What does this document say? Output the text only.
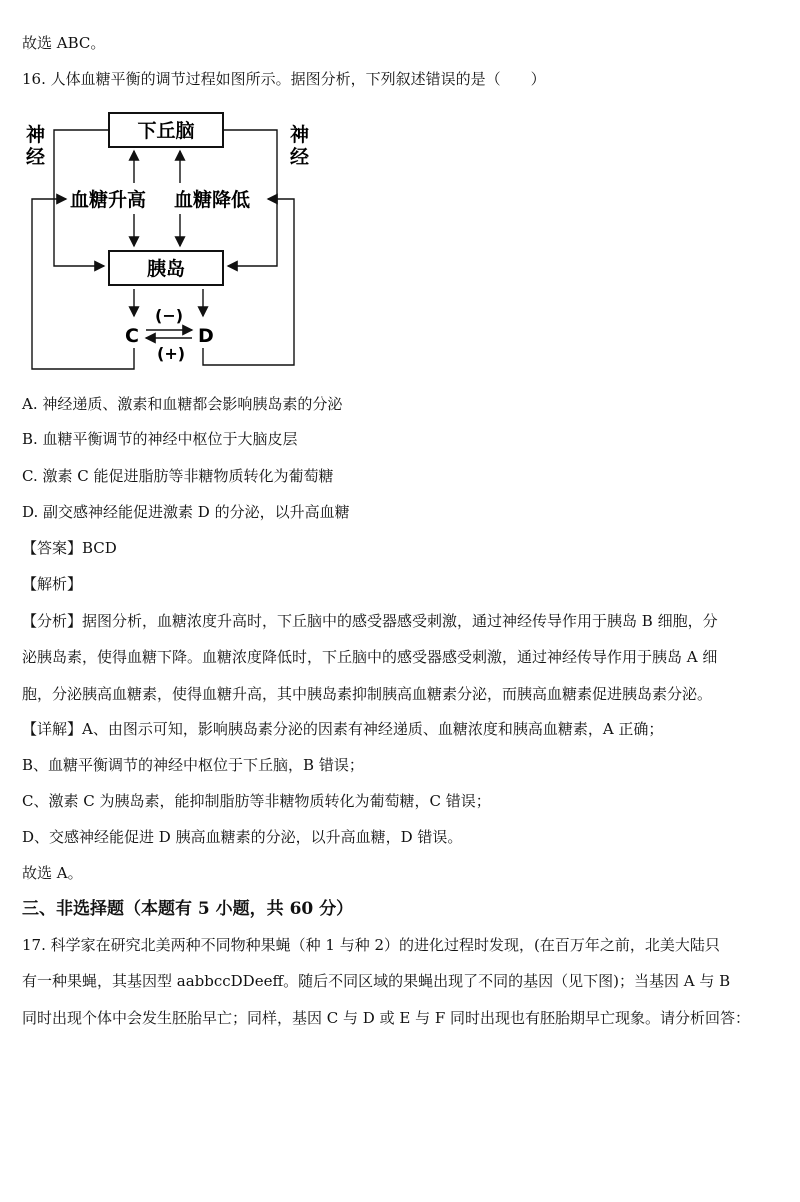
故选 ABC。
16. 人体血糖平衡的调节过程如图所示。据图分析，下列叙述错误的是（　　）
下丘脑
胰岛
血糖升高 血糖降低
神
经
神
经
C	D
(−)
(+)
A. 神经递质、激素和血糖都会影响胰岛素的分泌
B. 血糖平衡调节的神经中枢位于大脑皮层
C. 激素 C 能促进脂肪等非糖物质转化为葡萄糖
D. 副交感神经能促进激素 D 的分泌，以升高血糖
【答案】BCD
【解析】
【分析】据图分析，血糖浓度升高时，下丘脑中的感受器感受刺激，通过神经传导作用于胰岛 B 细胞，分
泌胰岛素，使得血糖下降。血糖浓度降低时，下丘脑中的感受器感受刺激，通过神经传导作用于胰岛 A 细
胞，分泌胰高血糖素，使得血糖升高，其中胰岛素抑制胰高血糖素分泌，而胰高血糖素促进胰岛素分泌。
【详解】A、由图示可知，影响胰岛素分泌的因素有神经递质、血糖浓度和胰高血糖素，A 正确；
B、血糖平衡调节的神经中枢位于下丘脑，B 错误；
C、激素 C 为胰岛素，能抑制脂肪等非糖物质转化为葡萄糖，C 错误；
D、交感神经能促进 D 胰高血糖素的分泌，以升高血糖，D 错误。
故选 A。
三、非选择题（本题有 5 小题，共 60 分）
17. 科学家在研究北美两种不同物种果蝇（种 1 与种 2）的进化过程时发现，(在百万年之前，北美大陆只
有一种果蝇，其基因型 aabbccDDeeff。随后不同区域的果蝇出现了不同的基因（见下图)；当基因 A 与 B
同时出现个体中会发生胚胎早亡；同样，基因 C 与 D 或 E 与 F 同时出现也有胚胎期早亡现象。请分析回答：
